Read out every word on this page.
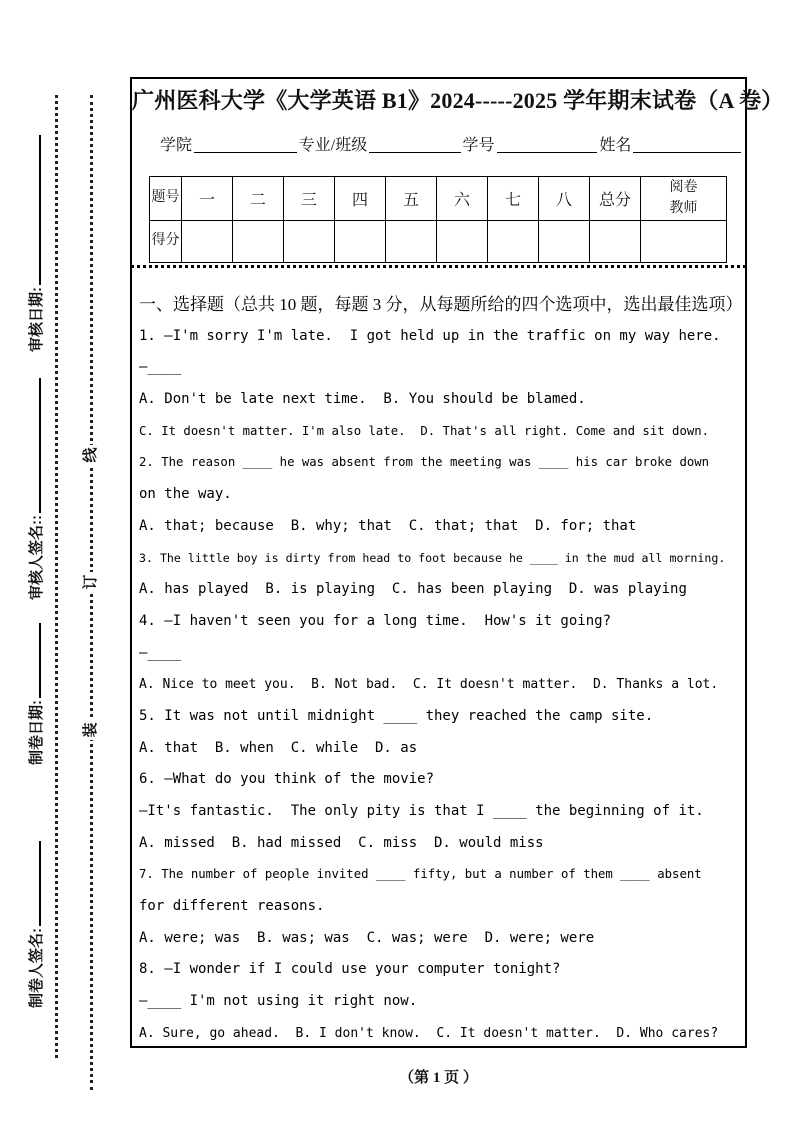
审核日期:
审核人签名::
制卷日期:
制卷人签名:
线
订
装
广州医科大学《大学英语 B1》2024-----2025 学年期末试卷（A 卷）
学院	专业/班级	学号	姓名
题号	一	二	三	四	五	六	七	八	总分	阅卷教师
得分										
一、选择题（总共 10 题，每题 3 分，从每题所给的四个选项中，选出最佳选项）
1. —I'm sorry I'm late.  I got held up in the traffic on my way here.
—____
A. Don't be late next time.  B. You should be blamed.
C. It doesn't matter. I'm also late.  D. That's all right. Come and sit down.
2. The reason ____ he was absent from the meeting was ____ his car broke down
on the way.
A. that; because  B. why; that  C. that; that  D. for; that
3. The little boy is dirty from head to foot because he ____ in the mud all morning.
A. has played  B. is playing  C. has been playing  D. was playing
4. —I haven't seen you for a long time.  How's it going?
—____
A. Nice to meet you.  B. Not bad.  C. It doesn't matter.  D. Thanks a lot.
5. It was not until midnight ____ they reached the camp site.
A. that  B. when  C. while  D. as
6. —What do you think of the movie?
—It's fantastic.  The only pity is that I ____ the beginning of it.
A. missed  B. had missed  C. miss  D. would miss
7. The number of people invited ____ fifty, but a number of them ____ absent
for different reasons.
A. were; was  B. was; was  C. was; were  D. were; were
8. —I wonder if I could use your computer tonight?
—____ I'm not using it right now.
A. Sure, go ahead.  B. I don't know.  C. It doesn't matter.  D. Who cares?
（第 1 页 ）
